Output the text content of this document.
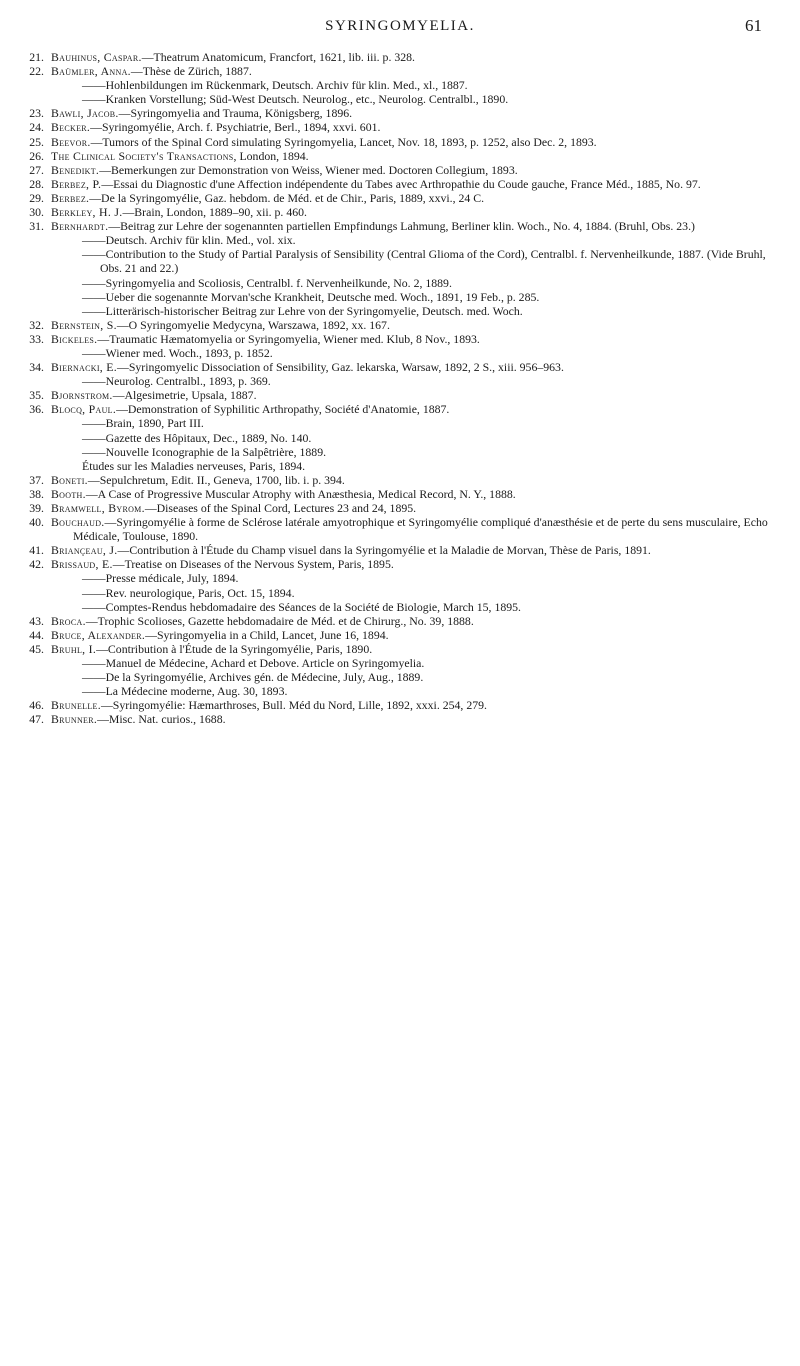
SYRINGOMYELIA.	61
21. Bauhinus, Caspar.—Theatrum Anatomicum, Francfort, 1621, lib. iii. p. 328.
22. Baümler, Anna.—Thèse de Zürich, 1887.
——Hohlenbildungen im Rückenmark, Deutsch. Archiv für klin. Med., xl., 1887.
——Kranken Vorstellung; Süd-West Deutsch. Neurolog., etc., Neurolog. Centralbl., 1890.
23. Bawli, Jacob.—Syringomyelia and Trauma, Königsberg, 1896.
24. Becker.—Syringomyélie, Arch. f. Psychiatrie, Berl., 1894, xxvi. 601.
25. Beevor.—Tumors of the Spinal Cord simulating Syringomyelia, Lancet, Nov. 18, 1893, p. 1252, also Dec. 2, 1893.
26. The Clinical Society's Transactions, London, 1894.
27. Benedikt.—Bemerkungen zur Demonstration von Weiss, Wiener med. Doctoren Collegium, 1893.
28. Berbez, P.—Essai du Diagnostic d'une Affection indépendente du Tabes avec Arthropathie du Coude gauche, France Méd., 1885, No. 97.
29. Berbez.—De la Syringomyélie, Gaz. hebdom. de Méd. et de Chir., Paris, 1889, xxvi., 24 C.
30. Berkley, H. J.—Brain, London, 1889–90, xii. p. 460.
31. Bernhardt.—Beitrag zur Lehre der sogenannten partiellen Empfindungs Lahmung, Berliner klin. Woch., No. 4, 1884. (Bruhl, Obs. 23.)
——Deutsch. Archiv für klin. Med., vol. xix.
——Contribution to the Study of Partial Paralysis of Sensibility (Central Glioma of the Cord), Centralbl. f. Nervenheilkunde, 1887. (Vide Bruhl, Obs. 21 and 22.)
——Syringomyelia and Scoliosis, Centralbl. f. Nervenheilkunde, No. 2, 1889.
——Ueber die sogenannte Morvan'sche Krankheit, Deutsche med. Woch., 1891, 19 Feb., p. 285.
——Litterärisch-historischer Beitrag zur Lehre von der Syringomyelie, Deutsch. med. Woch.
32. Bernstein, S.—O Syringomyelie Medycyna, Warszawa, 1892, xx. 167.
33. Bickeles.—Traumatic Hæmatomyelia or Syringomyelia, Wiener med. Klub, 8 Nov., 1893.
——Wiener med. Woch., 1893, p. 1852.
34. Biernacki, E.—Syringomyelic Dissociation of Sensibility, Gaz. lekarska, Warsaw, 1892, 2 S., xiii. 956–963.
——Neurolog. Centralbl., 1893, p. 369.
35. Bjornstrom.—Algesimetrie, Upsala, 1887.
36. Blocq, Paul.—Demonstration of Syphilitic Arthropathy, Société d'Anatomie, 1887.
——Brain, 1890, Part III.
——Gazette des Hôpitaux, Dec., 1889, No. 140.
——Nouvelle Iconographie de la Salpêtrière, 1889.
Études sur les Maladies nerveuses, Paris, 1894.
37. Boneti.—Sepulchretum, Edit. II., Geneva, 1700, lib. i. p. 394.
38. Booth.—A Case of Progressive Muscular Atrophy with Anæsthesia, Medical Record, N. Y., 1888.
39. Bramwell, Byrom.—Diseases of the Spinal Cord, Lectures 23 and 24, 1895.
40. Bouchaud.—Syringomyélie à forme de Sclérose latérale amyotrophique et Syringomyélie compliqué d'anæsthésie et de perte du sens musculaire, Echo Médicale, Toulouse, 1890.
41. Briançeau, J.—Contribution à l'Étude du Champ visuel dans la Syringomyélie et la Maladie de Morvan, Thèse de Paris, 1891.
42. Brissaud, E.—Treatise on Diseases of the Nervous System, Paris, 1895.
——Presse médicale, July, 1894.
——Rev. neurologique, Paris, Oct. 15, 1894.
——Comptes-Rendus hebdomadaire des Séances de la Société de Biologie, March 15, 1895.
43. Broca.—Trophic Scolioses, Gazette hebdomadaire de Méd. et de Chirurg., No. 39, 1888.
44. Bruce, Alexander.—Syringomyelia in a Child, Lancet, June 16, 1894.
45. Bruhl, I.—Contribution à l'Étude de la Syringomyélie, Paris, 1890.
——Manuel de Médecine, Achard et Debove. Article on Syringomyelia.
——De la Syringomyélie, Archives gén. de Médecine, July, Aug., 1889.
——La Médecine moderne, Aug. 30, 1893.
46. Brunelle.—Syringomyélie: Hæmarthroses, Bull. Méd du Nord, Lille, 1892, xxxi. 254, 279.
47. Brunner.—Misc. Nat. curios., 1688.
